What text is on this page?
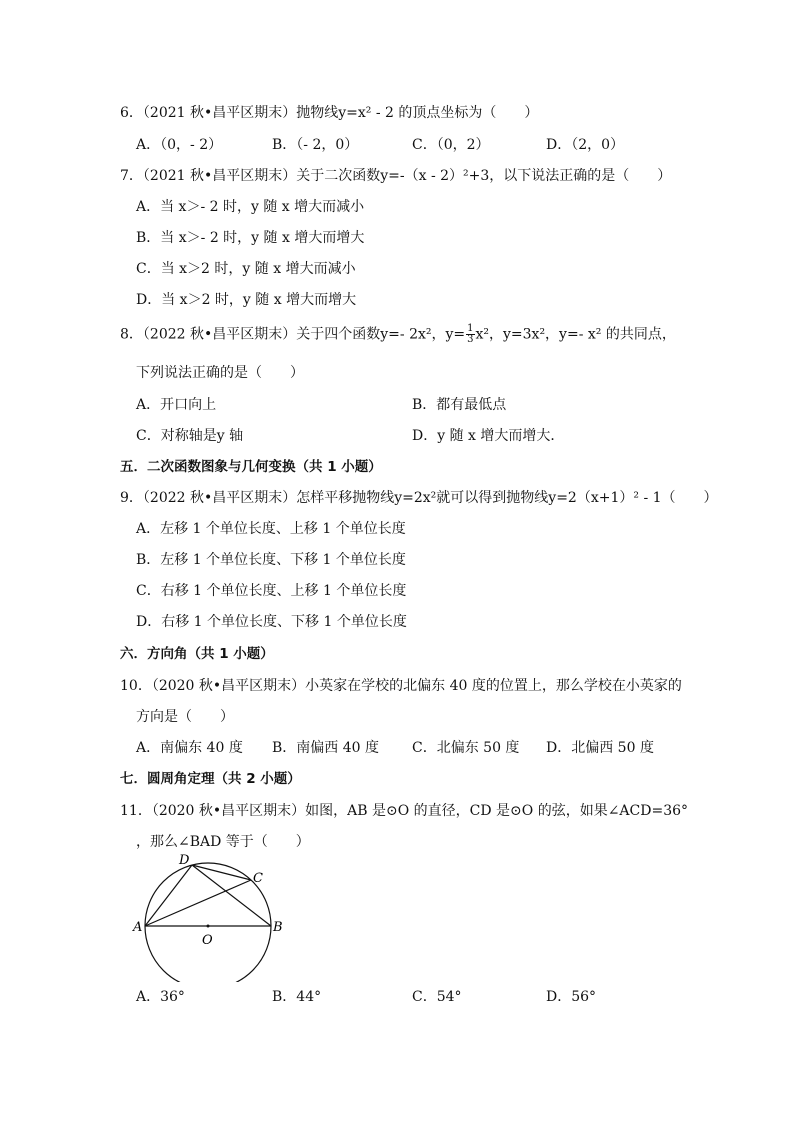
6．（2021 秋•昌平区期末）抛物线y=x² - 2 的顶点坐标为（　　）
A．（0，- 2）	B．（- 2，0）	C．（0，2）	D．（2，0）
7．（2021 秋•昌平区期末）关于二次函数y=-（x - 2）²+3，以下说法正确的是（　　）
A．当 x＞- 2 时，y 随 x 增大而减小
B．当 x＞- 2 时，y 随 x 增大而增大
C．当 x＞2 时，y 随 x 增大而减小
D．当 x＞2 时，y 随 x 增大而增大
8．（2022 秋•昌平区期末）关于四个函数y=- 2x²，$y= \frac{1}{3} x^2$，y=3x²，y=- x² 的共同点，
下列说法正确的是（　　）
A．开口向上	B．都有最低点
C．对称轴是y 轴	D．y 随 x 增大而增大．
五．二次函数图象与几何变换（共 1 小题）
9．（2022 秋•昌平区期末）怎样平移抛物线y=2x²就可以得到抛物线y=2（x+1）² - 1（　　）
A．左移 1 个单位长度、上移 1 个单位长度
B．左移 1 个单位长度、下移 1 个单位长度
C．右移 1 个单位长度、上移 1 个单位长度
D．右移 1 个单位长度、下移 1 个单位长度
六．方向角（共 1 小题）
10．（2020 秋•昌平区期末）小英家在学校的北偏东 40 度的位置上，那么学校在小英家的
方向是（　　）
A．南偏东 40 度 B．南偏西 40 度 C．北偏东 50 度 D．北偏西 50 度
七．圆周角定理（共 2 小题）
11．（2020 秋•昌平区期末）如图，AB 是⊙O 的直径，CD 是⊙O 的弦，如果∠ACD=36°
，那么∠BAD 等于（　　）
A	B
C
D
O
A．36°	B．44°	C．54°	D．56°
